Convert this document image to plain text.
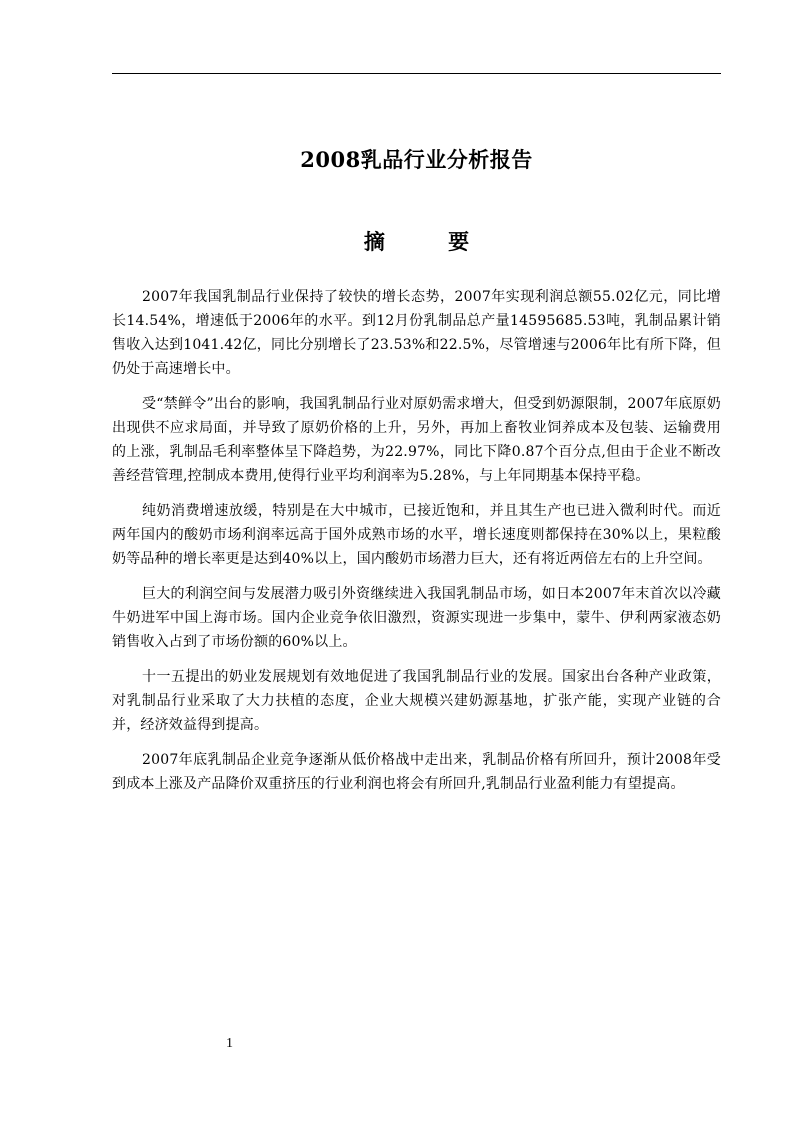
2008乳品行业分析报告
摘 要

2007年我国乳制品行业保持了较快的增长态势，2007年实现利润总额55.02亿元，同比增长14.54%，增速低于2006年的水平。到12月份乳制品总产量14595685.53吨，乳制品累计销售收入达到1041.42亿，同比分别增长了23.53%和22.5%，尽管增速与2006年比有所下降，但仍处于高速增长中。

受“禁鲜令”出台的影响，我国乳制品行业对原奶需求增大，但受到奶源限制，2007年底原奶出现供不应求局面，并导致了原奶价格的上升，另外，再加上畜牧业饲养成本及包装、运输费用的上涨，乳制品毛利率整体呈下降趋势，为22.97%，同比下降0.87个百分点,但由于企业不断改善经营管理,控制成本费用,使得行业平均利润率为5.28%，与上年同期基本保持平稳。

纯奶消费增速放缓，特别是在大中城市，已接近饱和，并且其生产也已进入微利时代。而近两年国内的酸奶市场利润率远高于国外成熟市场的水平，增长速度则都保持在30%以上，果粒酸奶等品种的增长率更是达到40%以上，国内酸奶市场潜力巨大，还有将近两倍左右的上升空间。

巨大的利润空间与发展潜力吸引外资继续进入我国乳制品市场，如日本2007年末首次以冷藏牛奶进军中国上海市场。国内企业竞争依旧激烈，资源实现进一步集中，蒙牛、伊利两家液态奶销售收入占到了市场份额的60%以上。

十一五提出的奶业发展规划有效地促进了我国乳制品行业的发展。国家出台各种产业政策，对乳制品行业采取了大力扶植的态度，企业大规模兴建奶源基地，扩张产能，实现产业链的合并，经济效益得到提高。

2007年底乳制品企业竞争逐渐从低价格战中走出来，乳制品价格有所回升，预计2008年受到成本上涨及产品降价双重挤压的行业利润也将会有所回升,乳制品行业盈利能力有望提高。

1
